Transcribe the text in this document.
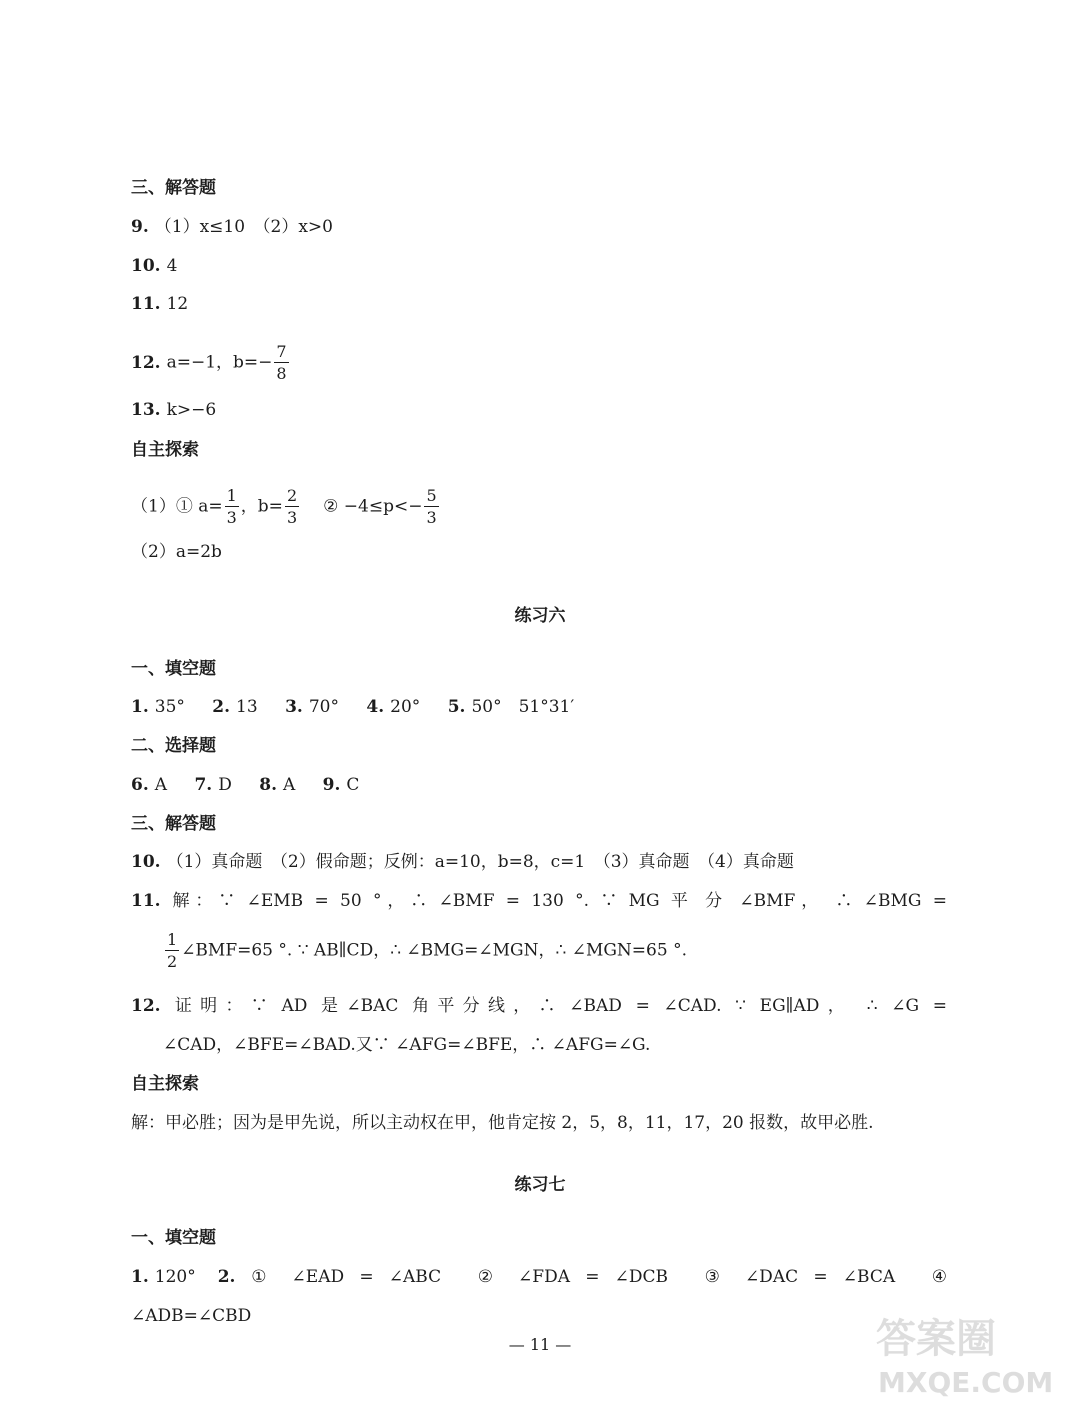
三、解答题
9. （1）x≤10　（2）x>0
10. 4
11. 12
12. a=−1，$b=- \frac{7}{8}$
13. k>−6
自主探索
（1）① $a= \frac{1}{3}$ ，$b= \frac{2}{3}$ ② $-4\le p<- \frac{5}{3}$
（2）a=2b
练习六
一、填空题
1. 35° 2. 13 3. 70° 4. 20° 5. 50°　51°31′
二、选择题
6. A 7. D 8. A 9. C
三、解答题
10. （1）真命题　（2）假命题；反例：a=10，b=8，c=1　（3）真命题　（4）真命题
11. 解：∵ ∠EMB = 50 °，∴ ∠BMF = 130 °. ∵ MG 平 分 ∠BMF， ∴ ∠BMG =
$\frac{1}{2}$ ∠BMF=65 °. ∵ AB∥CD，∴ ∠BMG=∠MGN，∴ ∠MGN=65 °.
12. 证明：∵ AD 是∠BAC 角平分线，∴ ∠BAD = ∠CAD. ∵ EG∥AD， ∴ ∠G =
∠CAD，∠BFE=∠BAD.又∵ ∠AFG=∠BFE，∴ ∠AFG=∠G.
自主探索
解：甲必胜；因为是甲先说，所以主动权在甲，他肯定按 2，5，8，11，17，20 报数，故甲必胜.
练习七
一、填空题
1. 120° 2. ① ∠EAD = ∠ABC　② ∠FDA = ∠DCB　③ ∠DAC = ∠BCA　④
∠ADB=∠CBD
— 11 —	答案圈
MXQE.COM
